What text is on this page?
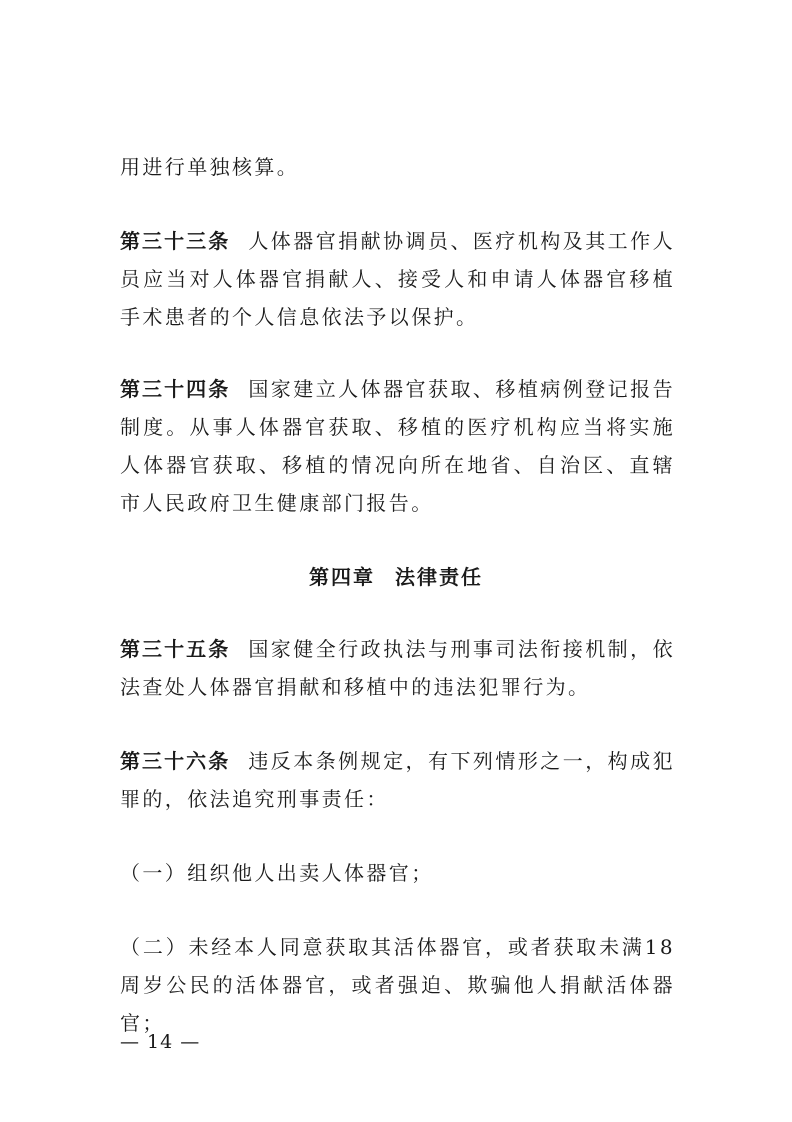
用进行单独核算。
第三十三条 人体器官捐献协调员、医疗机构及其工作人员应当对人体器官捐献人、接受人和申请人体器官移植手术患者的个人信息依法予以保护。
第三十四条 国家建立人体器官获取、移植病例登记报告制度。从事人体器官获取、移植的医疗机构应当将实施人体器官获取、移植的情况向所在地省、自治区、直辖市人民政府卫生健康部门报告。
第四章 法律责任
第三十五条 国家健全行政执法与刑事司法衔接机制，依法查处人体器官捐献和移植中的违法犯罪行为。
第三十六条 违反本条例规定，有下列情形之一，构成犯罪的，依法追究刑事责任：
（一）组织他人出卖人体器官；
（二）未经本人同意获取其活体器官，或者获取未满18周岁公民的活体器官，或者强迫、欺骗他人捐献活体器官；
— 14 —
